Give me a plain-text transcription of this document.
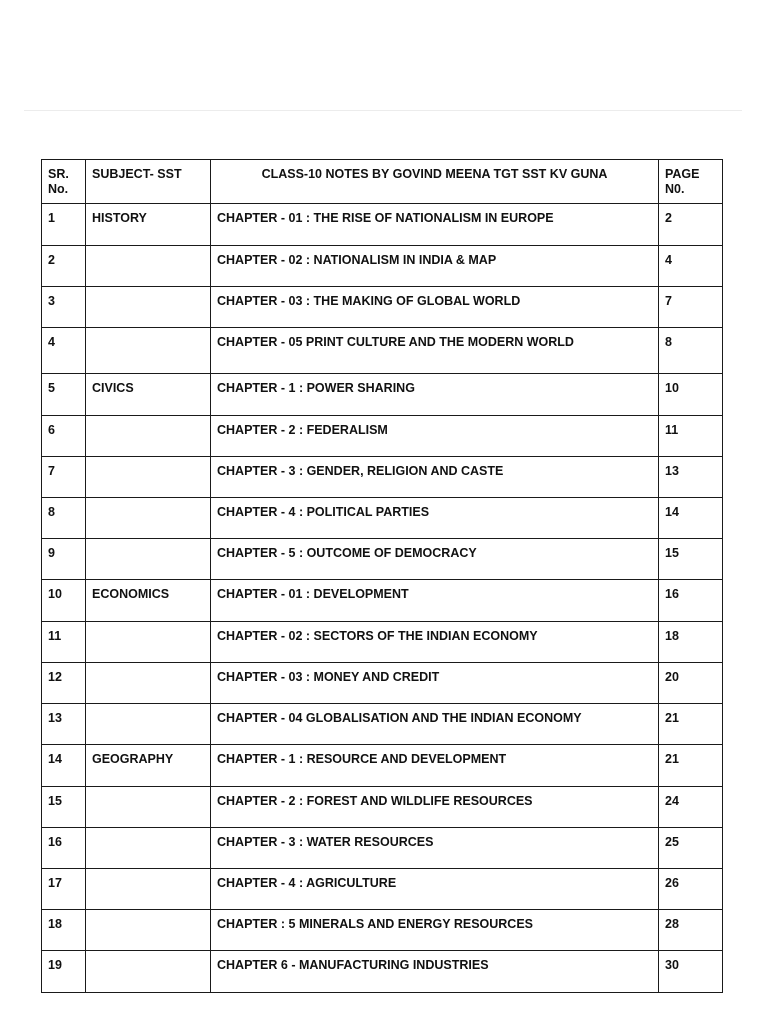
SR. No.	SUBJECT- SST	CLASS-10 NOTES BY GOVIND MEENA TGT SST KV GUNA	PAGE N0.
1	HISTORY	CHAPTER - 01 : THE RISE OF NATIONALISM IN EUROPE	2
2		CHAPTER - 02 : NATIONALISM IN INDIA & MAP	4
3		CHAPTER - 03 : THE MAKING OF GLOBAL WORLD	7
4		CHAPTER - 05 PRINT CULTURE AND THE MODERN WORLD	8
5	CIVICS	CHAPTER - 1 : POWER SHARING	10
6		CHAPTER - 2 : FEDERALISM	11
7		CHAPTER - 3 : GENDER, RELIGION AND CASTE	13
8		CHAPTER - 4 : POLITICAL PARTIES	14
9		CHAPTER - 5 : OUTCOME OF DEMOCRACY	15
10	ECONOMICS	CHAPTER - 01 : DEVELOPMENT	16
11		CHAPTER - 02 : SECTORS OF THE INDIAN ECONOMY	18
12		CHAPTER - 03 : MONEY AND CREDIT	20
13		CHAPTER - 04 GLOBALISATION AND THE INDIAN ECONOMY	21
14	GEOGRAPHY	CHAPTER - 1 : RESOURCE AND DEVELOPMENT	21
15		CHAPTER - 2 : FOREST AND WILDLIFE RESOURCES	24
16		CHAPTER - 3 : WATER RESOURCES	25
17		CHAPTER - 4 : AGRICULTURE	26
18		CHAPTER : 5 MINERALS AND ENERGY RESOURCES	28
19		CHAPTER 6 - MANUFACTURING INDUSTRIES	30
